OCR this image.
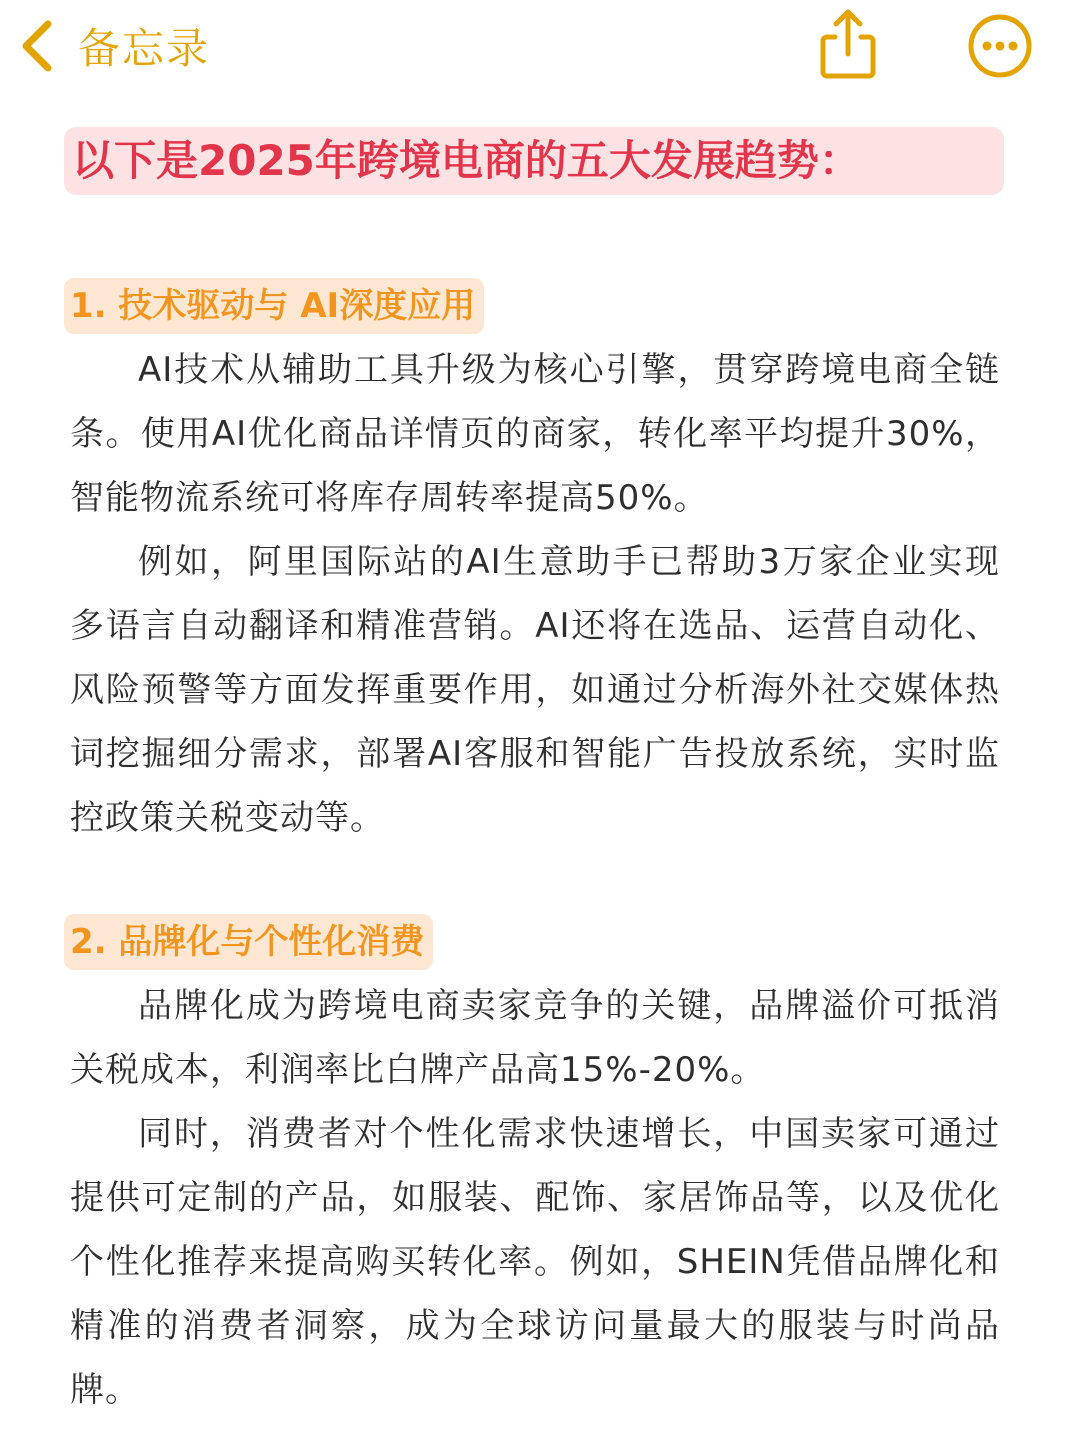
备忘录
以下是2025年跨境电商的五大发展趋势：
1. 技术驱动与 AI深度应用

AI技术从辅助工具升级为核心引擎，贯穿跨境电商全链条。使用AI优化商品详情页的商家，转化率平均提升30%，智能物流系统可将库存周转率提高50%。

例如，阿里国际站的AI生意助手已帮助3万家企业实现多语言自动翻译和精准营销。AI还将在选品、运营自动化、风险预警等方面发挥重要作用，如通过分析海外社交媒体热词挖掘细分需求，部署AI客服和智能广告投放系统，实时监控政策关税变动等。

2. 品牌化与个性化消费

品牌化成为跨境电商卖家竞争的关键，品牌溢价可抵消关税成本，利润率比白牌产品高15%-20%。

同时，消费者对个性化需求快速增长，中国卖家可通过提供可定制的产品，如服装、配饰、家居饰品等，以及优化个性化推荐来提高购买转化率。例如，SHEIN凭借品牌化和精准的消费者洞察，成为全球访问量最大的服装与时尚品牌。
